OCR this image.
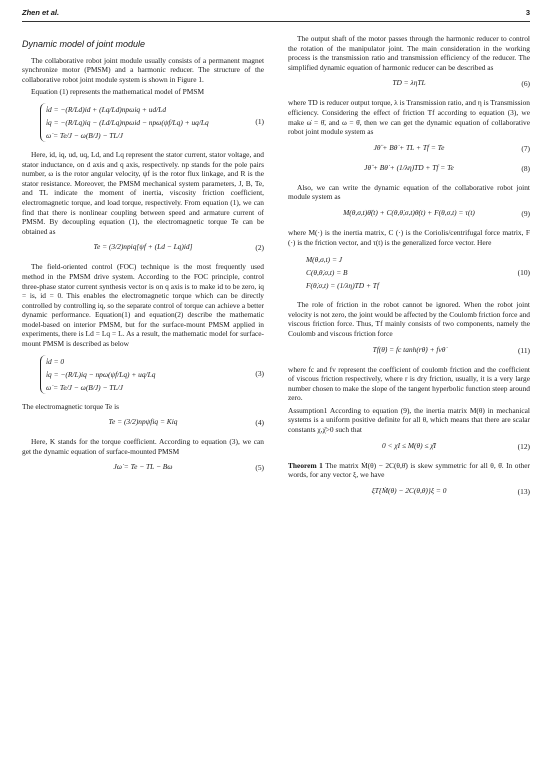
Zhen et al.	3
Dynamic model of joint module

The collaborative robot joint module usually consists of a permanent magnet synchronize motor (PMSM) and a harmonic reducer. The structure of the collaborative robot joint module system is shown in Figure 1.

Equation (1) represents the mathematical model of PMSM

i̇d = −(R/Ld)id + (Lq/Ld)npωiq + ud/Ld
i̇q = −(R/Lq)iq − (Ld/Lq)npωid − npω(ψf/Lq) + uq/Lq
ω̇ = Te/J − ω(B/J) − TL/J
(1)

Here, id, iq, ud, uq, Ld, and Lq represent the stator current, stator voltage, and stator inductance, on d axis and q axis, respectively. np stands for the pole pairs number, ω is the rotor angular velocity, ψf is the rotor flux linkage, and R is the stator resistance. Moreover, the PMSM mechanical system parameters, J, B, Te, and TL indicate the moment of inertia, viscosity friction coefficient, electromagnetic torque, and load torque, respectively. From equation (1), we can find that there is nonlinear coupling between speed and armature current of PMSM. By decoupling equation (1), the electromagnetic torque Te can be obtained as

Te = (3/2)npiq[ψf + (Ld − Lq)id]	(2)

The field-oriented control (FOC) technique is the most frequently used method in the PMSM drive system. According to the FOC principle, control three-phase stator current synthesis vector is on q axis is to make id to be zero, iq = is, id = 0. This enables the electromagnetic torque which can be directly controlled by controlling iq, so the separate control of torque can achieve a better dynamic performance. Equation(1) and equation(2) describe the mathematic model-based on interior PMSM, but for the surface-mount PMSM applied in experiments, there is Ld = Lq = L. As a result, the mathematic model for surface-mount PMSM is described as below

i̇d = 0
i̇q = −(R/L)iq − npω(ψf/Lq) + uq/Lq
ω̇ = Te/J − ω(B/J) − TL/J
(3)

The electromagnetic torque Te is

Te = (3/2)npψfiq = Kiq	(4)

Here, K stands for the torque coefficient. According to equation (3), we can get the dynamic equation of surface-mounted PMSM

Jω̇ = Te − TL − Bω	(5)

The output shaft of the motor passes through the harmonic reducer to control the rotation of the manipulator joint. The main consideration in the working process is the transmission ratio and transmission efficiency of the reducer. The simplified dynamic equation of harmonic reducer can be described as

TD = ληTL	(6)

where TD is reducer output torque, λ is Transmission ratio, and η is Transmission efficiency. Considering the effect of friction Tf according to equation (3), we make ω̇ = θ̈, and ω = θ̇, then we can get the dynamic equation of collaborative robot joint module system as

Jθ̈ + Bθ̇ + TL + Tf = Te	(7)
Jθ̈ + Bθ̇ + (1/λη)TD + Tf = Te	(8)

Also, we can write the dynamic equation of the collaborative robot joint module system as

M(θ,σ,t)θ̈(t) + C(θ,θ̇,σ,t)θ̇(t) + F(θ,σ,t) = τ(t)	(9)

where M(·) is the inertia matrix, C (·) is the Coriolis/centrifugal force matrix, F (·) is the friction vector, and τ(t) is the generalized force vector. Here

M(θ,σ,t) = J
C(θ,θ̇,σ,t) = B
F(θ̇,σ,t) = (1/λη)TD + Tf
(10)

The role of friction in the robot cannot be ignored. When the robot joint velocity is not zero, the joint would be affected by the Coulomb friction force and viscous friction force. Thus, Tf mainly consists of two components, namely the Coulomb and viscous friction force

Tf(θ̇) = fc tanh(rθ̇) + fvθ̇	(11)

where fc and fv represent the coefficient of coulomb friction and the coefficient of viscous friction respectively, where r is dry friction, usually, it is a very large number chosen to make the slope of the tangent hyperbolic function steep around zero.

Assumption1 According to equation (9), the inertia matrix M(θ) in mechanical systems is a uniform positive definite for all θ, which means that there are scalar constants χ,χ̄>0 such that

0 < χI ≤ M(θ) ≤ χ̄I	(12)

Theorem 1 The matrix Ṁ(θ) − 2C(θ,θ̇) is skew symmetric for all θ, θ̇. In other words, for any vector ξ, we have

ξT{Ṁ(θ) − 2C(θ,θ̇)}ξ = 0	(13)
